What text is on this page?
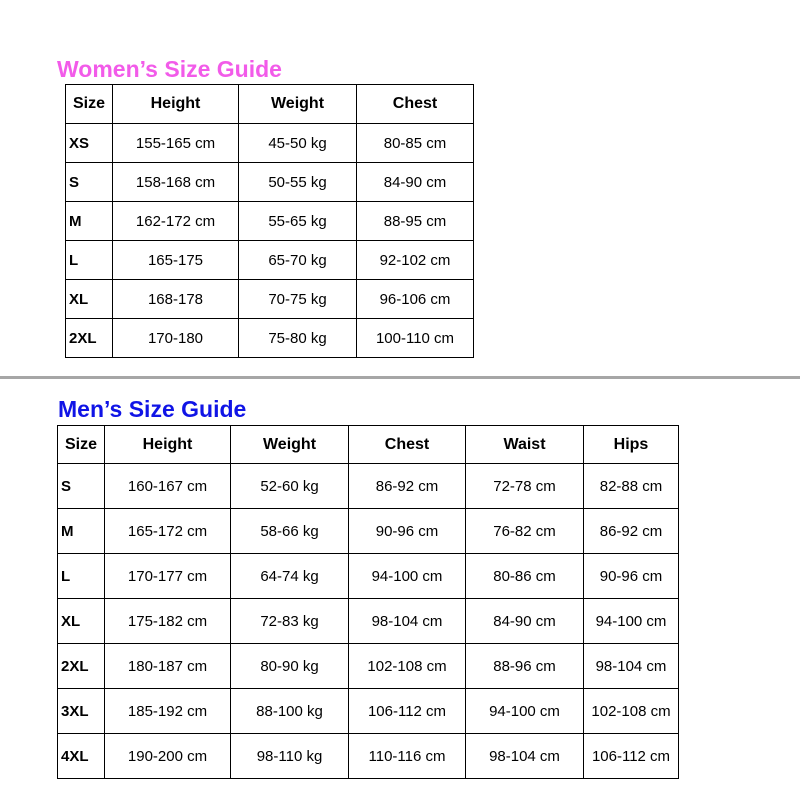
Women’s Size Guide
Size	Height	Weight	Chest
XS	155-165 cm	45-50 kg	80-85 cm
S	158-168 cm	50-55 kg	84-90 cm
M	162-172 cm	55-65 kg	88-95 cm
L	165-175	65-70 kg	92-102 cm
XL	168-178	70-75 kg	96-106 cm
2XL	170-180	75-80 kg	100-110 cm
Men’s Size Guide
Size	Height	Weight	Chest	Waist	Hips
S	160-167 cm	52-60 kg	86-92 cm	72-78 cm	82-88 cm
M	165-172 cm	58-66 kg	90-96 cm	76-82 cm	86-92 cm
L	170-177 cm	64-74 kg	94-100 cm	80-86 cm	90-96 cm
XL	175-182 cm	72-83 kg	98-104 cm	84-90 cm	94-100 cm
2XL	180-187 cm	80-90 kg	102-108 cm	88-96 cm	98-104 cm
3XL	185-192 cm	88-100 kg	106-112 cm	94-100 cm	102-108 cm
4XL	190-200 cm	98-110 kg	110-116 cm	98-104 cm	106-112 cm
